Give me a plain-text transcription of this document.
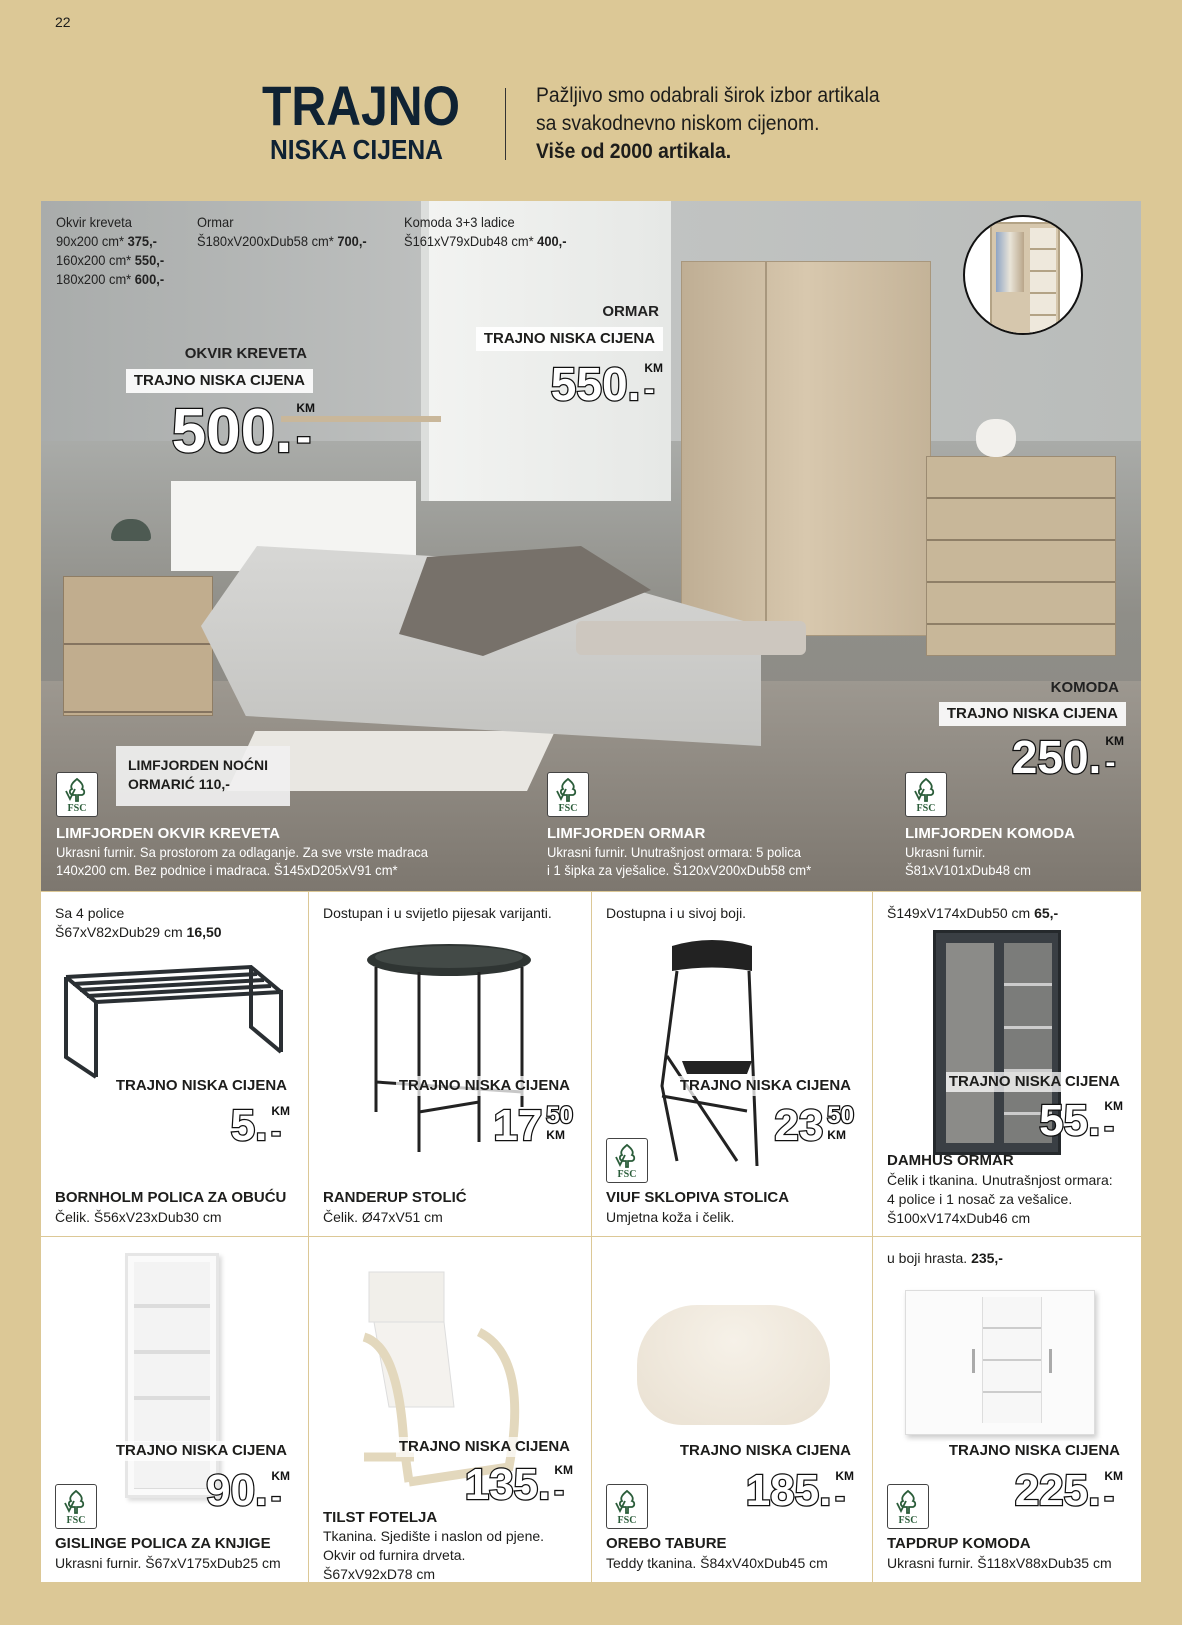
22
TRAJNO
NISKA CIJENA
Pažljivo smo odabrali širok izbor artikala
sa svakodnevno niskom cijenom.
Više od 2000 artikala.
Okvir kreveta
90x200 cm* 375,-
160x200 cm* 550,-
180x200 cm* 600,-
Ormar
Š180xV200xDub58 cm* 700,-
Komoda 3+3 ladice
Š161xV79xDub48 cm* 400,-
OKVIR KREVETA
TRAJNO NISKA CIJENA
500. KM
-
ORMAR
TRAJNO NISKA CIJENA
550. KM
-
KOMODA
TRAJNO NISKA CIJENA
250. KM
-
LIMFJORDEN NOĆNI
ORMARIĆ 110,-
FSC	FSC	FSC
LIMFJORDEN OKVIR KREVETA
Ukrasni furnir. Sa prostorom za odlaganje. Za sve vrste madraca
140x200 cm. Bez podnice i madraca. Š145xD205xV91 cm*
LIMFJORDEN ORMAR
Ukrasni furnir. Unutrašnjost ormara: 5 polica
i 1 šipka za vješalice. Š120xV200xDub58 cm*
LIMFJORDEN KOMODA
Ukrasni furnir.
Š81xV101xDub48 cm
Sa 4 police
Š67xV82xDub29 cm 16,50
TRAJNO NISKA CIJENA
5. KM
-
BORNHOLM POLICA ZA OBUĆU
Čelik. Š56xV23xDub30 cm
Dostupan i u svijetlo pijesak varijanti.
TRAJNO NISKA CIJENA
17 50
KM
RANDERUP STOLIĆ
Čelik. Ø47xV51 cm
Dostupna i u sivoj boji.
TRAJNO NISKA CIJENA
23 50
KM
FSC
VIUF SKLOPIVA STOLICA
Umjetna koža i čelik.
Š149xV174xDub50 cm 65,-
TRAJNO NISKA CIJENA
55. KM
-
DAMHUS ORMAR
Čelik i tkanina. Unutrašnjost ormara:
4 police i 1 nosač za vešalice.
Š100xV174xDub46 cm
TRAJNO NISKA CIJENA
90. KM
-
FSC
GISLINGE POLICA ZA KNJIGE
Ukrasni furnir. Š67xV175xDub25 cm
TRAJNO NISKA CIJENA
135. KM
-
TILST FOTELJA
Tkanina. Sjedište i naslon od pjene.
Okvir od furnira drveta.
Š67xV92xD78 cm
TRAJNO NISKA CIJENA
185. KM
-
FSC
OREBO TABURE
Teddy tkanina. Š84xV40xDub45 cm
u boji hrasta. 235,-
TRAJNO NISKA CIJENA
225. KM
-
FSC
TAPDRUP KOMODA
Ukrasni furnir. Š118xV88xDub35 cm
